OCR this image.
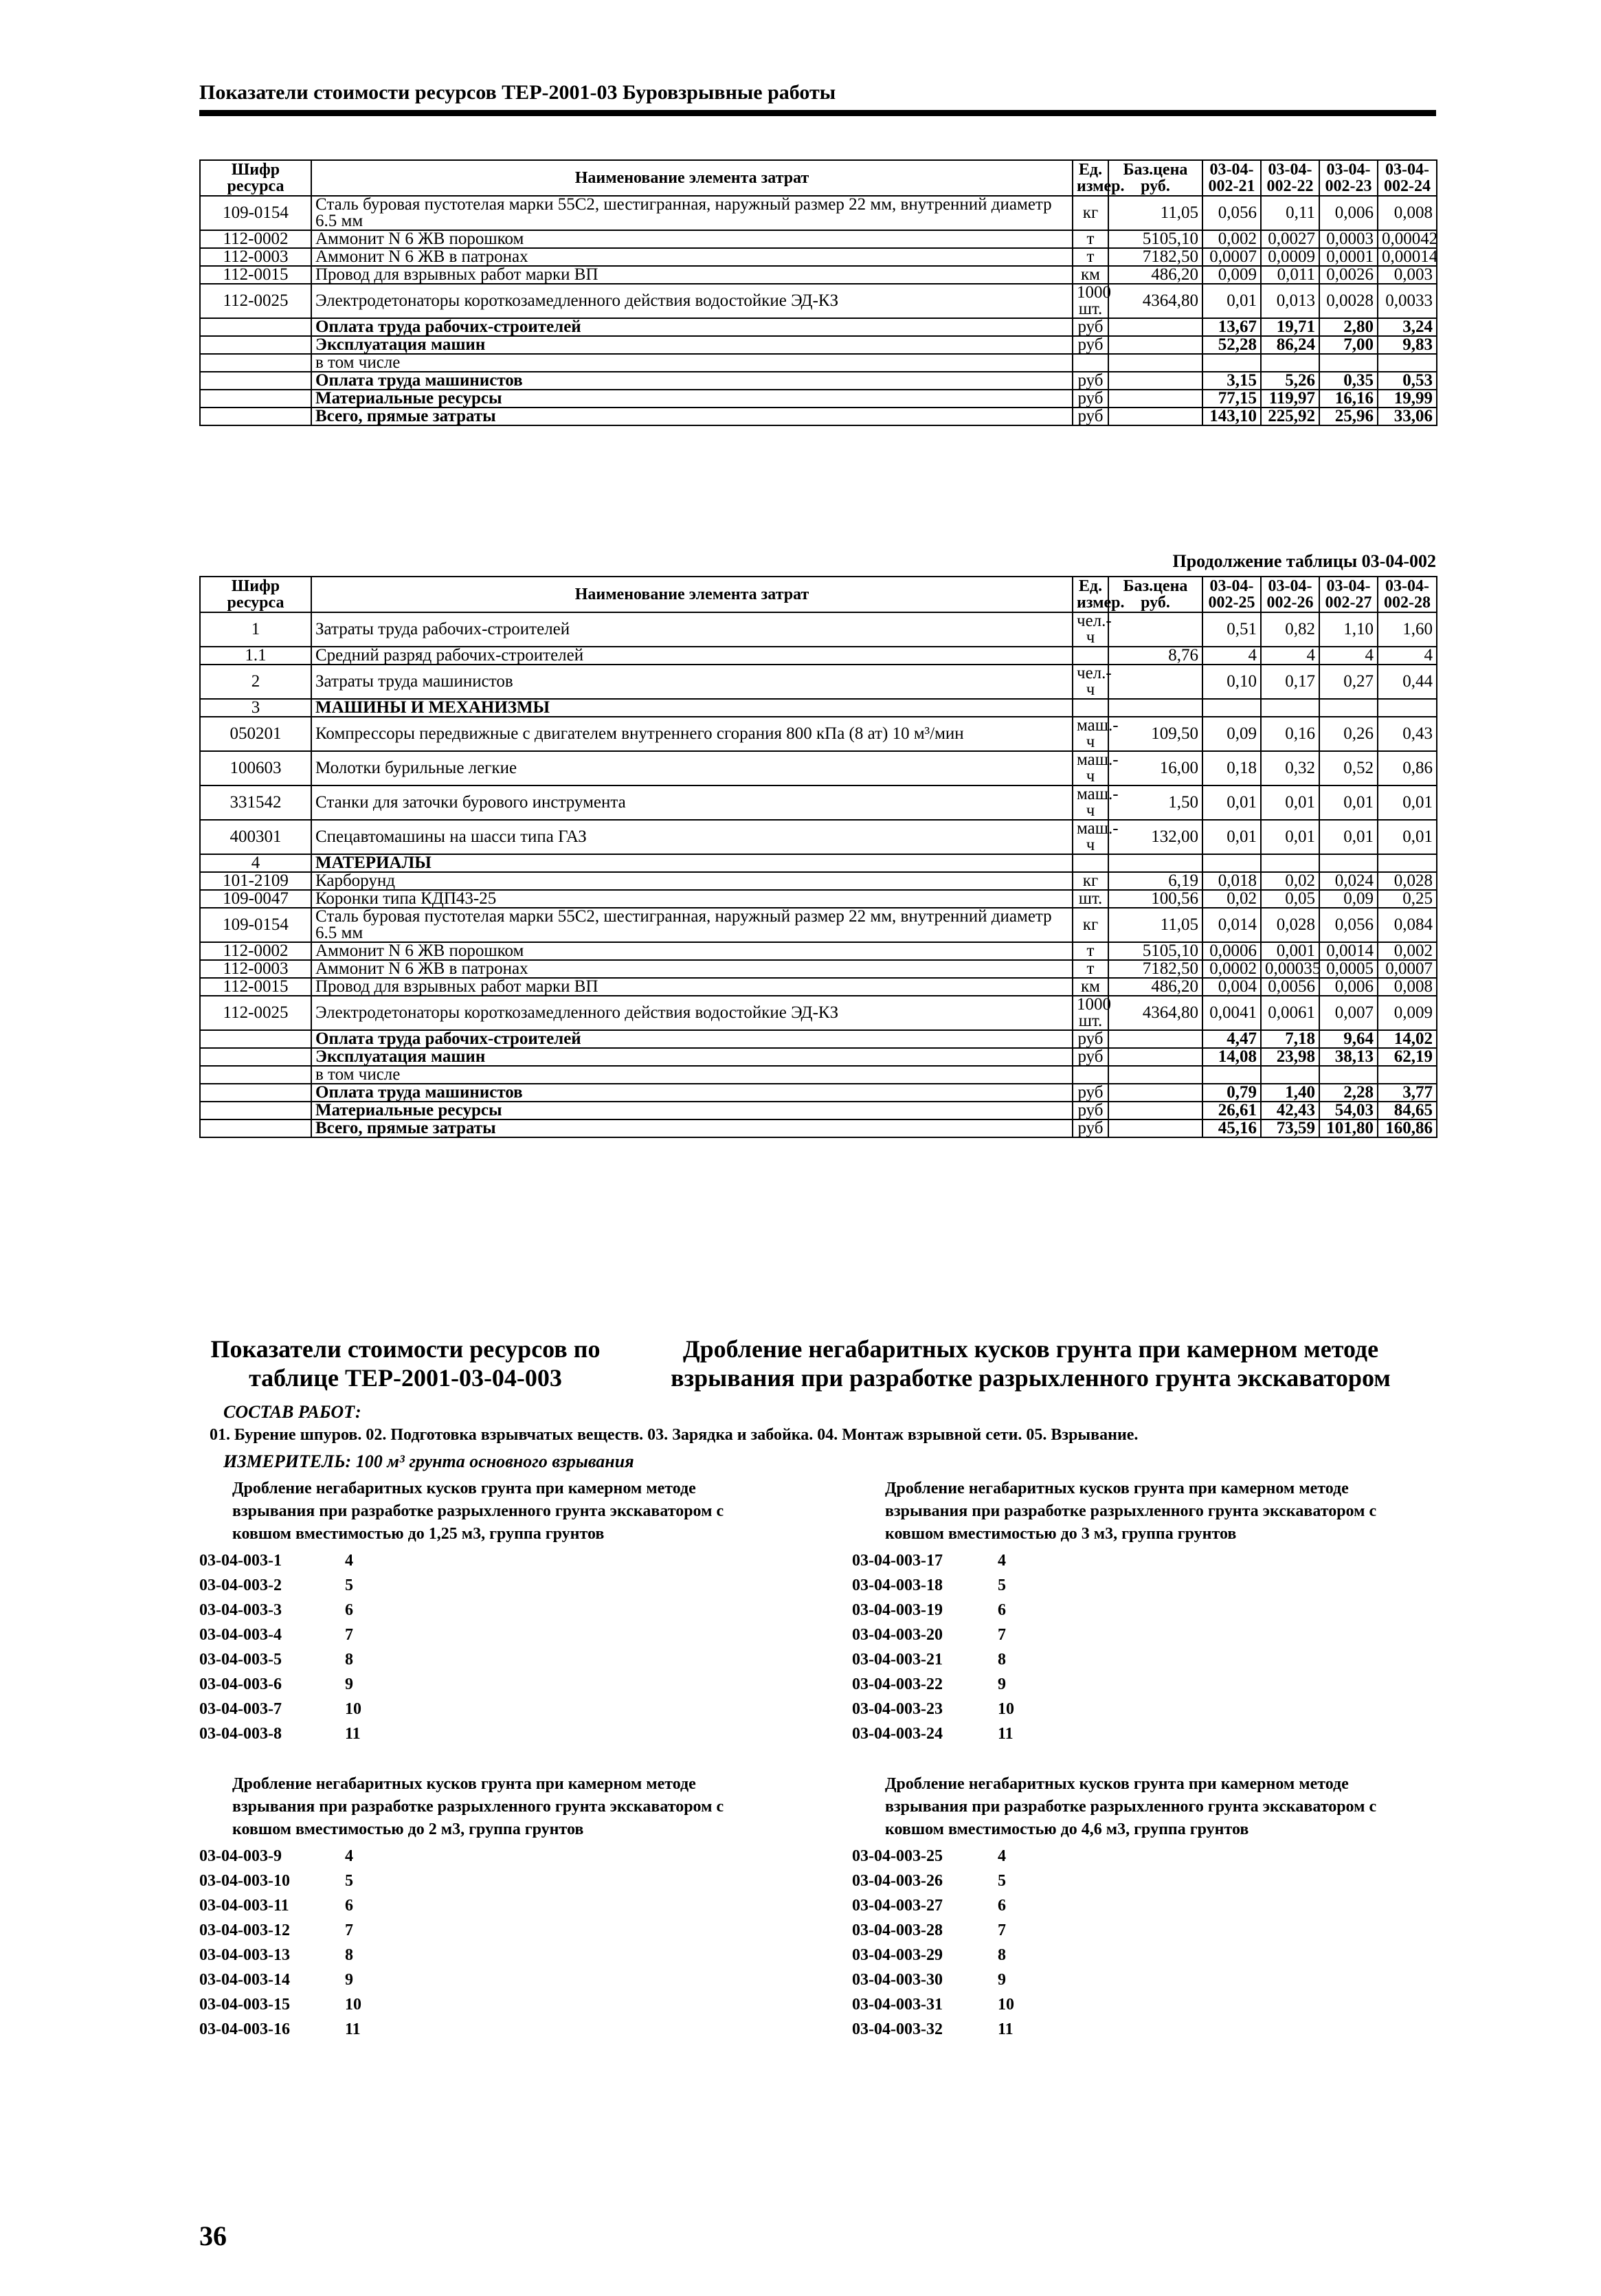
Показатели стоимости ресурсов ТЕР-2001-03 Буровзрывные работы
Шифр ресурса	Наименование элемента затрат	Ед. измер.	Баз.цена руб.	03-04-002-21	03-04-002-22	03-04-002-23	03-04-002-24
109-0154	Сталь буровая пустотелая марки 55С2, шестигранная, наружный размер 22 мм, внутренний диаметр 6.5 мм	кг	11,05	0,056	0,11	0,006	0,008
112-0002	Аммонит N 6 ЖВ порошком	т	5105,10	0,002	0,0027	0,0003	0,00042
112-0003	Аммонит N 6 ЖВ в патронах	т	7182,50	0,0007	0,0009	0,0001	0,00014
112-0015	Провод для взрывных работ марки ВП	км	486,20	0,009	0,011	0,0026	0,003
112-0025	Электродетонаторы короткозамедленного действия водостойкие ЭД-КЗ	1000 шт.	4364,80	0,01	0,013	0,0028	0,0033
	Оплата труда рабочих-строителей	руб		13,67	19,71	2,80	3,24
	Эксплуатация машин	руб		52,28	86,24	7,00	9,83
	в том числе						
	Оплата труда машинистов	руб		3,15	5,26	0,35	0,53
	Материальные ресурсы	руб		77,15	119,97	16,16	19,99
	Всего, прямые затраты	руб		143,10	225,92	25,96	33,06
Продолжение таблицы 03-04-002
Шифр ресурса	Наименование элемента затрат	Ед. измер.	Баз.цена руб.	03-04-002-25	03-04-002-26	03-04-002-27	03-04-002-28
1	Затраты труда рабочих-строителей	чел.-ч		0,51	0,82	1,10	1,60
1.1	Средний разряд рабочих-строителей		8,76	4	4	4	4
2	Затраты труда машинистов	чел.-ч		0,10	0,17	0,27	0,44
3	МАШИНЫ И МЕХАНИЗМЫ						
050201	Компрессоры передвижные с двигателем внутреннего сгорания 800 кПа (8 ат) 10 м³/мин	маш.-ч	109,50	0,09	0,16	0,26	0,43
100603	Молотки бурильные легкие	маш.-ч	16,00	0,18	0,32	0,52	0,86
331542	Станки для заточки бурового инструмента	маш.-ч	1,50	0,01	0,01	0,01	0,01
400301	Спецавтомашины на шасси типа ГАЗ	маш.-ч	132,00	0,01	0,01	0,01	0,01
4	МАТЕРИАЛЫ						
101-2109	Карборунд	кг	6,19	0,018	0,02	0,024	0,028
109-0047	Коронки типа КДП43-25	шт.	100,56	0,02	0,05	0,09	0,25
109-0154	Сталь буровая пустотелая марки 55С2, шестигранная, наружный размер 22 мм, внутренний диаметр 6.5 мм	кг	11,05	0,014	0,028	0,056	0,084
112-0002	Аммонит N 6 ЖВ порошком	т	5105,10	0,0006	0,001	0,0014	0,002
112-0003	Аммонит N 6 ЖВ в патронах	т	7182,50	0,0002	0,00035	0,0005	0,0007
112-0015	Провод для взрывных работ марки ВП	км	486,20	0,004	0,0056	0,006	0,008
112-0025	Электродетонаторы короткозамедленного действия водостойкие ЭД-КЗ	1000 шт.	4364,80	0,0041	0,0061	0,007	0,009
	Оплата труда рабочих-строителей	руб		4,47	7,18	9,64	14,02
	Эксплуатация машин	руб		14,08	23,98	38,13	62,19
	в том числе						
	Оплата труда машинистов	руб		0,79	1,40	2,28	3,77
	Материальные ресурсы	руб		26,61	42,43	54,03	84,65
	Всего, прямые затраты	руб		45,16	73,59	101,80	160,86
Показатели стоимости ресурсов по
таблице ТЕР-2001-03-04-003
Дробление негабаритных кусков грунта при камерном методе
взрывания при разработке разрыхленного грунта экскаватором
СОСТАВ РАБОТ:
01. Бурение шпуров. 02. Подготовка взрывчатых веществ. 03. Зарядка и забойка. 04. Монтаж взрывной сети. 05. Взрывание.
ИЗМЕРИТЕЛЬ: 100 м³ грунта основного взрывания

Дробление негабаритных кусков грунта при камерном методе взрывания при разработке разрыхленного грунта экскаватором с ковшом вместимостью до 1,25 м3, группа грунтов

03-04-003-1	4
03-04-003-2	5
03-04-003-3	6
03-04-003-4	7
03-04-003-5	8
03-04-003-6	9
03-04-003-7	10
03-04-003-8	11

Дробление негабаритных кусков грунта при камерном методе взрывания при разработке разрыхленного грунта экскаватором с ковшом вместимостью до 2 м3, группа грунтов

03-04-003-9	4
03-04-003-10	5
03-04-003-11	6
03-04-003-12	7
03-04-003-13	8
03-04-003-14	9
03-04-003-15	10
03-04-003-16	11

Дробление негабаритных кусков грунта при камерном методе взрывания при разработке разрыхленного грунта экскаватором с ковшом вместимостью до 3 м3, группа грунтов

03-04-003-17	4
03-04-003-18	5
03-04-003-19	6
03-04-003-20	7
03-04-003-21	8
03-04-003-22	9
03-04-003-23	10
03-04-003-24	11

Дробление негабаритных кусков грунта при камерном методе взрывания при разработке разрыхленного грунта экскаватором с ковшом вместимостью до 4,6 м3, группа грунтов

03-04-003-25	4
03-04-003-26	5
03-04-003-27	6
03-04-003-28	7
03-04-003-29	8
03-04-003-30	9
03-04-003-31	10
03-04-003-32	11
36
